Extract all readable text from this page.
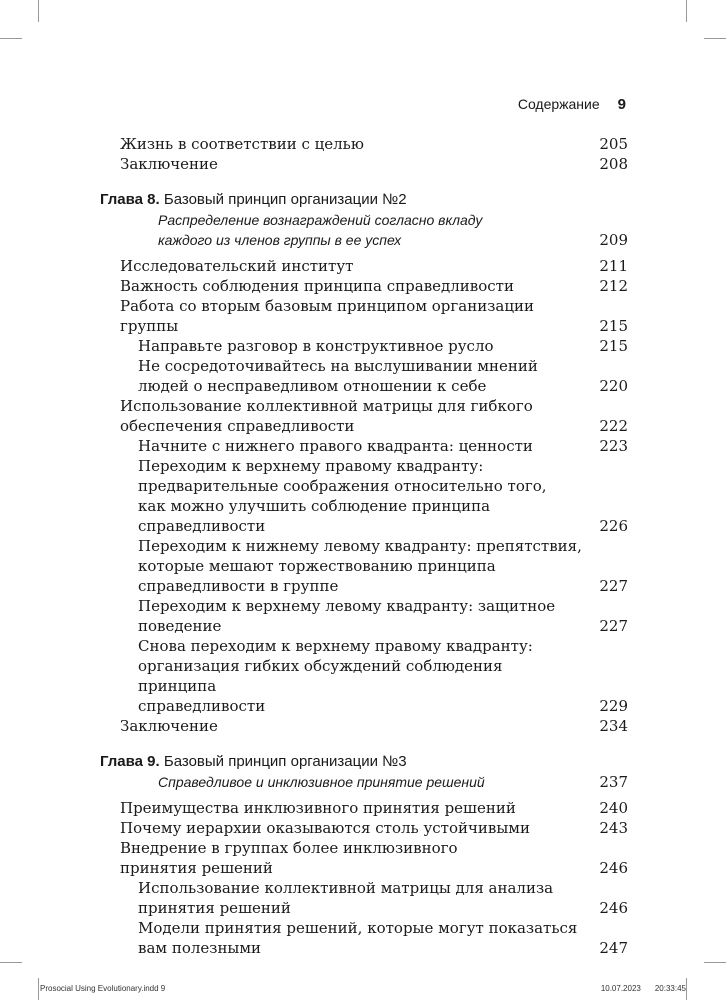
Содержание 9
Жизнь в соответствии с целью	205
Заключение	208
Глава 8. Базовый принцип организации №2
Распределение вознаграждений согласно вкладу
каждого из членов группы в ее успех	209
Исследовательский институт	211
Важность соблюдения принципа справедливости	212
Работа со вторым базовым принципом организации группы	215
Направьте разговор в конструктивное русло	215
Не сосредоточивайтесь на выслушивании мнений
людей о несправедливом отношении к себе	220
Использование коллективной матрицы для гибкого
обеспечения справедливости	222
Начните с нижнего правого квадранта: ценности	223
Переходим к верхнему правому квадранту:
предварительные соображения относительно того,
как можно улучшить соблюдение принципа справедливости	226
Переходим к нижнему левому квадранту: препятствия,
которые мешают торжествованию принципа
справедливости в группе	227
Переходим к верхнему левому квадранту: защитное
поведение	227
Снова переходим к верхнему правому квадранту:
организация гибких обсуждений соблюдения принципа
справедливости	229
Заключение	234
Глава 9. Базовый принцип организации №3
Справедливое и инклюзивное принятие решений	237
Преимущества инклюзивного принятия решений	240
Почему иерархии оказываются столь устойчивыми	243
Внедрение в группах более инклюзивного
принятия решений	246
Использование коллективной матрицы для анализа
принятия решений	246
Модели принятия решений, которые могут показаться
вам полезными	247
Prosocial Using Evolutionary.indd 9	10.07.2023 20:33:45
